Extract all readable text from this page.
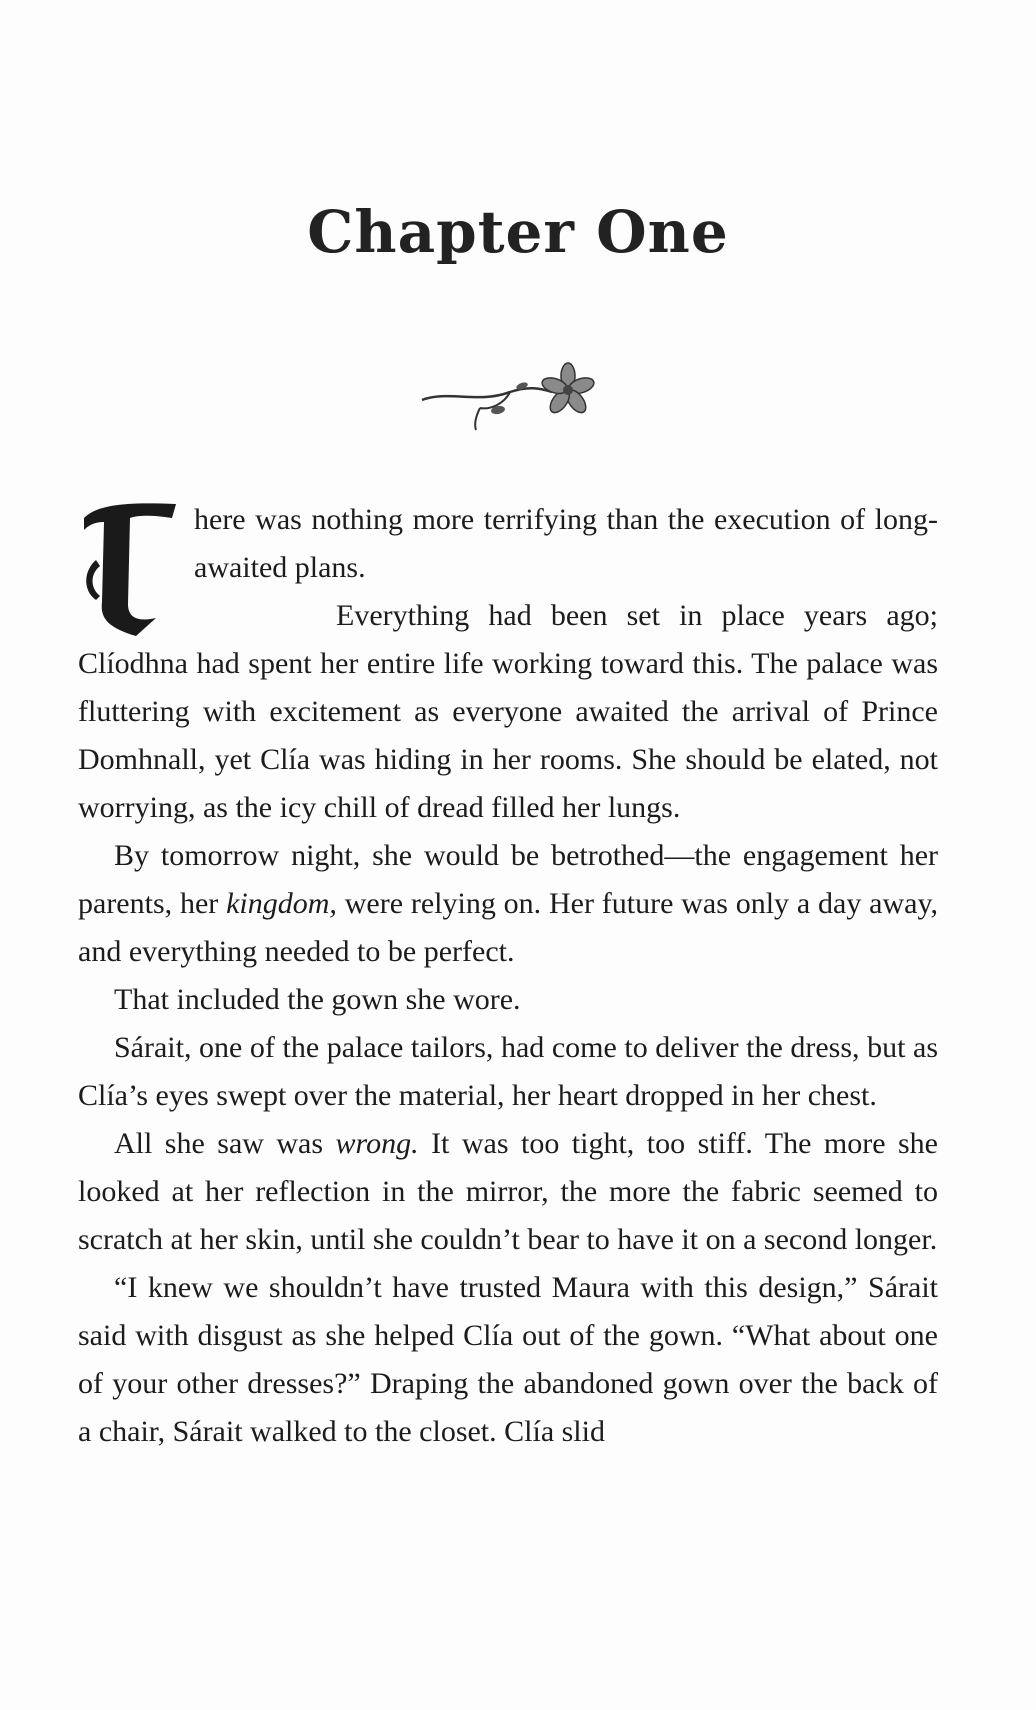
Chapter One

here was nothing more terrifying than the execution of long-awaited plans.

Everything had been set in place years ago; Clíodhna had spent her entire life working toward this. The palace was fluttering with excitement as everyone awaited the arrival of Prince Domhnall, yet Clía was hiding in her rooms. She should be elated, not worrying, as the icy chill of dread filled her lungs.

By tomorrow night, she would be betrothed—the engagement her parents, her kingdom, were relying on. Her future was only a day away, and everything needed to be perfect.

That included the gown she wore.

Sárait, one of the palace tailors, had come to deliver the dress, but as Clía’s eyes swept over the material, her heart dropped in her chest.

All she saw was wrong. It was too tight, too stiff. The more she looked at her reflection in the mirror, the more the fabric seemed to scratch at her skin, until she couldn’t bear to have it on a second longer.

“I knew we shouldn’t have trusted Maura with this design,” Sárait said with disgust as she helped Clía out of the gown. “What about one of your other dresses?” Draping the abandoned gown over the back of a chair, Sárait walked to the closet. Clía slid
